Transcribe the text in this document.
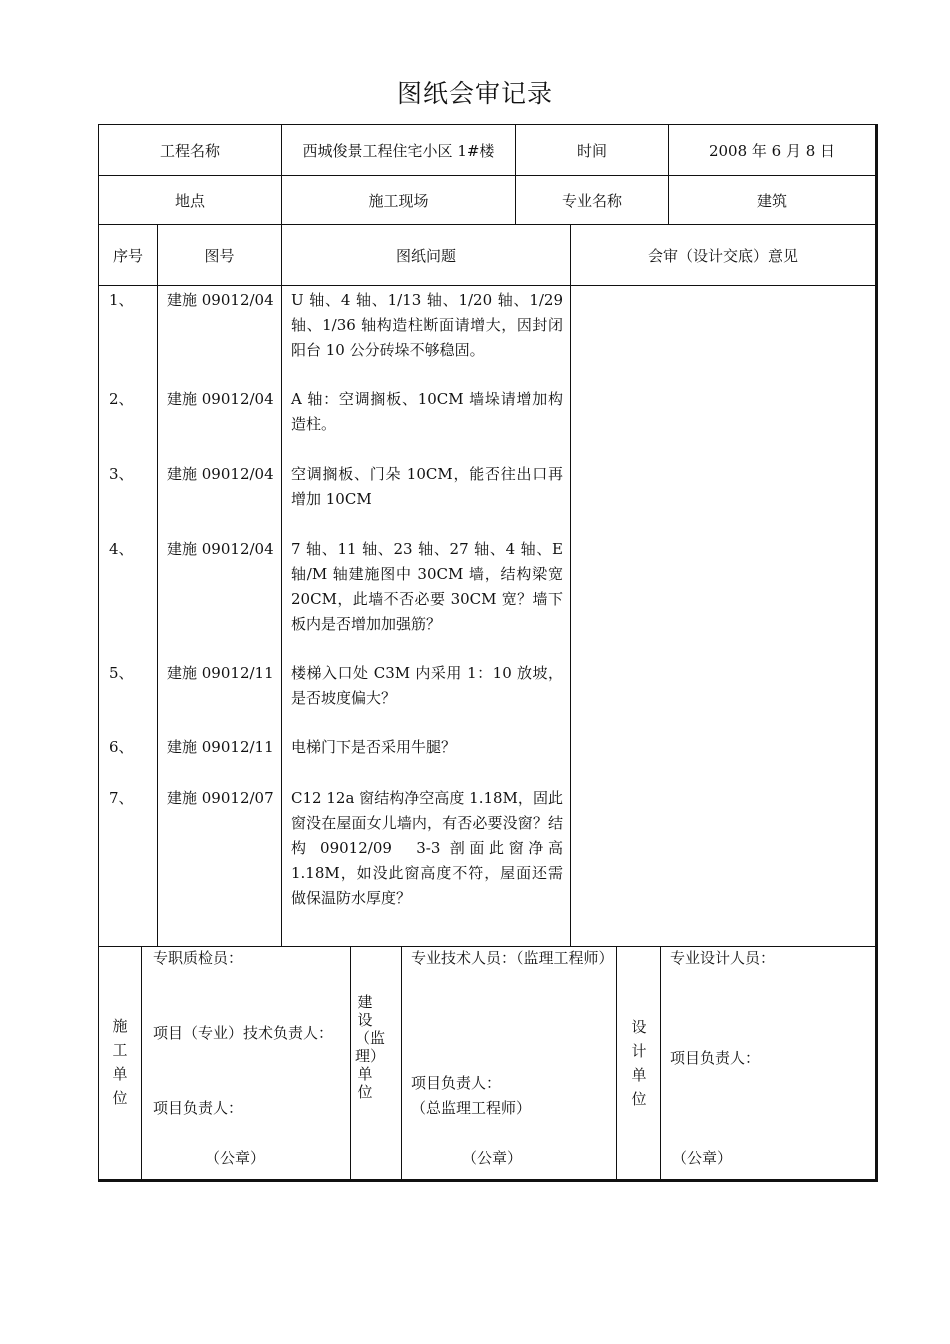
图纸会审记录
工程名称	西城俊景工程住宅小区 1#楼	时间	2008 年 6 月 8 日
地点	施工现场	专业名称	建筑
序号	图号	图纸问题	会审（设计交底）意见
1、 建施 09012/04 U 轴、4 轴、1/13 轴、1/20 轴、1/29 轴、1/36 轴构造柱断面请增大，因封闭阳台 10 公分砖垛不够稳固。
2、 建施 09012/04 A 轴：空调搁板、10CM 墙垛请增加构造柱。
3、 建施 09012/04 空调搁板、门朵 10CM，能否往出口再增加 10CM
4、 建施 09012/04 7 轴、11 轴、23 轴、27 轴、4 轴、E 轴/M 轴建施图中 30CM 墙，结构梁宽 20CM，此墙不否必要 30CM 宽？墙下板内是否增加加强筋？
5、 建施 09012/11 楼梯入口处 C3M 内采用 1：10 放坡，是否坡度偏大？
6、 建施 09012/11 电梯门下是否采用牛腿？
7、 建施 09012/07 C12 12a 窗结构净空高度 1.18M，固此窗没在屋面女儿墙内，有否必要没窗？结构 09012/09　3-3 剖面此窗净高 1.18M，如没此窗高度不符，屋面还需做保温防水厚度？
施工单位
专职质检员：
项目（专业）技术负责人：
项目负责人：
（公章）
建设（监理）单位
专业技术人员：（监理工程师）
项目负责人：
（总监理工程师）
（公章）
设计单位
专业设计人员：
项目负责人：
（公章）
